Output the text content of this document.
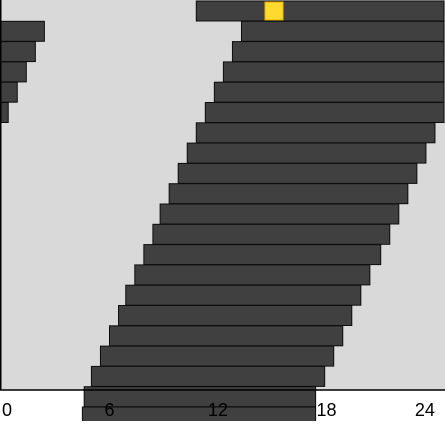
0	6	12	18	24
